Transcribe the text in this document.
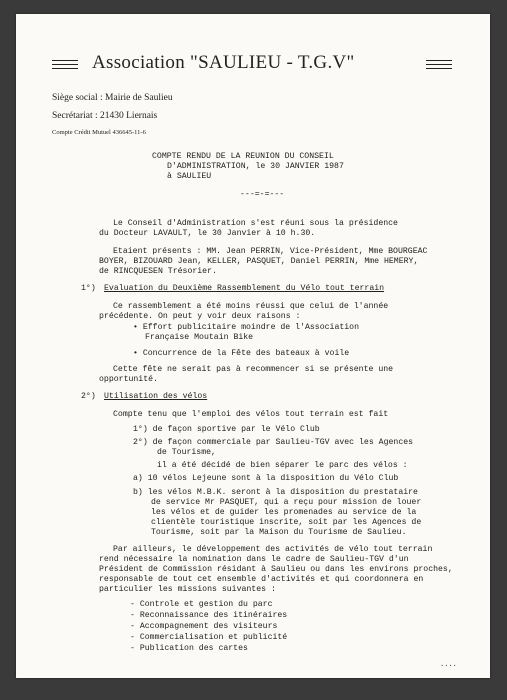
Association "SAULIEU - T.G.V"
Siège social : Mairie de Saulieu
Secrétariat : 21430 Liernais
Compte Crédit Mutuel 436645-11-6
COMPTE RENDU DE LA REUNION DU CONSEIL
D'ADMINISTRATION, le 30 JANVIER 1987
à SAULIEU
---=-=---
Le Conseil d'Administration s'est réuni sous la présidence
du Docteur LAVAULT, le 30 Janvier à 10 h.30.
Etaient présents : MM. Jean PERRIN, Vice-Président, Mme BOURGEAC
BOYER, BIZOUARD Jean, KELLER, PASQUET, Daniel PERRIN, Mme HEMERY,
de RINCQUESEN Trésorier.
1°) Evaluation du Deuxième Rassemblement du Vélo tout terrain
Ce rassemblement a été moins réussi que celui de l'année
précédente. On peut y voir deux raisons :
• Effort publicitaire moindre de l'Association
Française Moutain Bike
• Concurrence de la Fête des bateaux à voile
Cette fête ne serait pas à recommencer si se présente une
opportunité.
2°) Utilisation des vélos
Compte tenu que l'emploi des vélos tout terrain est fait
1°) de façon sportive par le Vélo Club
2°) de façon commerciale par Saulieu-TGV avec les Agences
de Tourisme,
il a été décidé de bien séparer le parc des vélos :
a) 10 vélos Lejeune sont à la disposition du Vélo Club
b) les vélos M.B.K. seront à la disposition du prestataire
de service Mr PASQUET, qui a reçu pour mission de louer
les vélos et de guider les promenades au service de la
clientèle touristique inscrite, soit par les Agences de
Tourisme, soit par la Maison du Tourisme de Saulieu.
Par ailleurs, le développement des activités de vélo tout terrain
rend nécessaire la nomination dans le cadre de Saulieu-TGV d'un
Président de Commission résidant à Saulieu ou dans les environs proches,
responsable de tout cet ensemble d'activités et qui coordonnera en
particulier les missions suivantes :
- Controle et gestion du parc
- Reconnaissance des itinéraires
- Accompagnement des visiteurs
- Commercialisation et publicité
- Publication des cartes
....
